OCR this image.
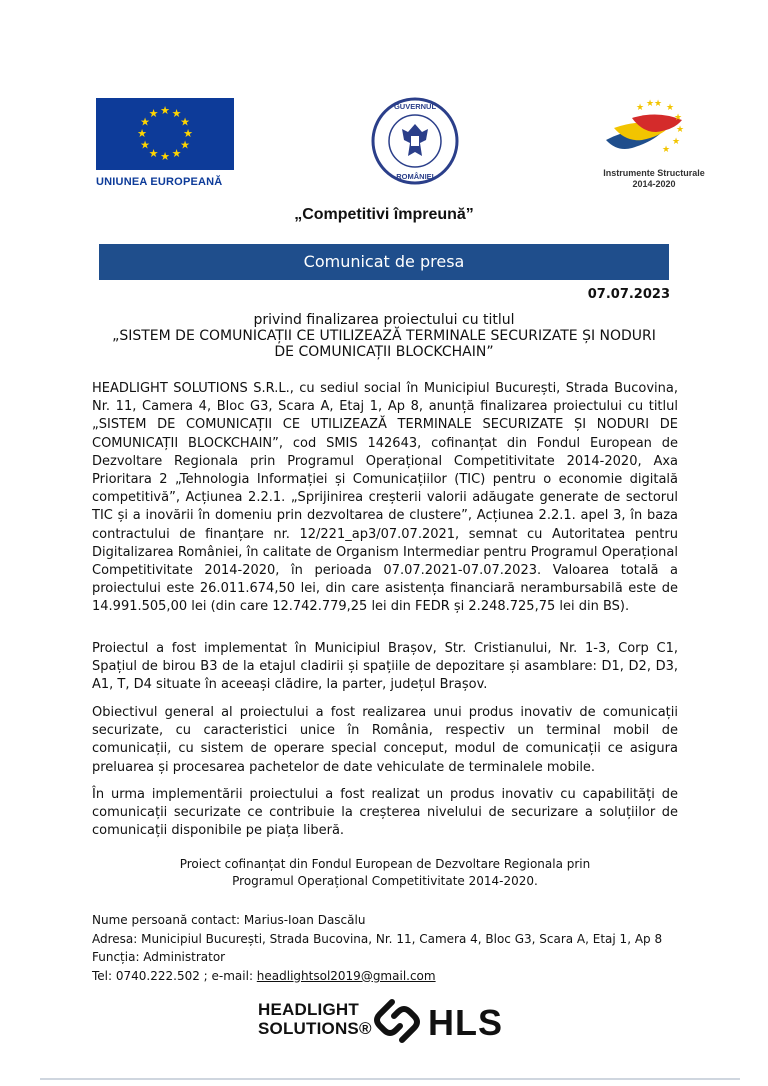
★ ★
★
★
★
★
★
★
★
★
★
★
UNIUNEA EUROPEANĂ
GUVERNUL
ROMÂNIEI
★ ★
★
★
★
★
★
★
Instrumente Structurale
2014-2020
„Competitivi împreună”
Comunicat de presa
07.07.2023
privind finalizarea proiectului cu titlul
„SISTEM DE COMUNICAȚII CE UTILIZEAZĂ TERMINALE SECURIZATE ȘI NODURI
DE COMUNICAȚII BLOCKCHAIN”
HEADLIGHT SOLUTIONS S.R.L., cu sediul social în Municipiul București, Strada Bucovina, Nr. 11, Camera 4, Bloc G3, Scara A, Etaj 1, Ap 8, anunță finalizarea proiectului cu titlul „SISTEM DE COMUNICAȚII CE UTILIZEAZĂ TERMINALE SECURIZATE ȘI NODURI DE COMUNICAȚII BLOCKCHAIN”, cod SMIS 142643, cofinanțat din Fondul European de Dezvoltare Regionala prin Programul Operațional Competitivitate 2014-2020, Axa Prioritara 2 „Tehnologia Informației și Comunicațiilor (TIC) pentru o economie digitală competitivă”, Acțiunea 2.2.1. „Sprijinirea creșterii valorii adăugate generate de sectorul TIC și a inovării în domeniu prin dezvoltarea de clustere”, Acțiunea 2.2.1. apel 3, în baza contractului de finanțare nr. 12/221_ap3/07.07.2021, semnat cu Autoritatea pentru Digitalizarea României, în calitate de Organism Intermediar pentru Programul Operațional Competitivitate 2014-2020, în perioada 07.07.2021-07.07.2023. Valoarea totală a proiectului este 26.011.674,50 lei, din care asistența financiară nerambursabilă este de 14.991.505,00 lei (din care 12.742.779,25 lei din FEDR și 2.248.725,75 lei din BS).
Proiectul a fost implementat în Municipiul Brașov, Str. Cristianului, Nr. 1-3, Corp C1, Spațiul de birou B3 de la etajul cladirii și spațiile de depozitare și asamblare: D1, D2, D3, A1, T, D4 situate în aceeași clădire, la parter, județul Brașov.
Obiectivul general al proiectului a fost realizarea unui produs inovativ de comunicații securizate, cu caracteristici unice în România, respectiv un terminal mobil de comunicații, cu sistem de operare special conceput, modul de comunicații ce asigura preluarea și procesarea pachetelor de date vehiculate de terminalele mobile.
În urma implementării proiectului a fost realizat un produs inovativ cu capabilități de comunicații securizate ce contribuie la creșterea nivelului de securizare a soluțiilor de comunicații disponibile pe piața liberă.
Proiect cofinanțat din Fondul European de Dezvoltare Regionala prin
Programul Operațional Competitivitate 2014-2020.
Nume persoană contact: Marius-Ioan Dascălu
Adresa: Municipiul București, Strada Bucovina, Nr. 11, Camera 4, Bloc G3, Scara A, Etaj 1, Ap 8
Funcția: Administrator
Tel: 0740.222.502 ; e-mail: headlightsol2019@gmail.com
HEADLIGHT
SOLUTIONS® HLS
